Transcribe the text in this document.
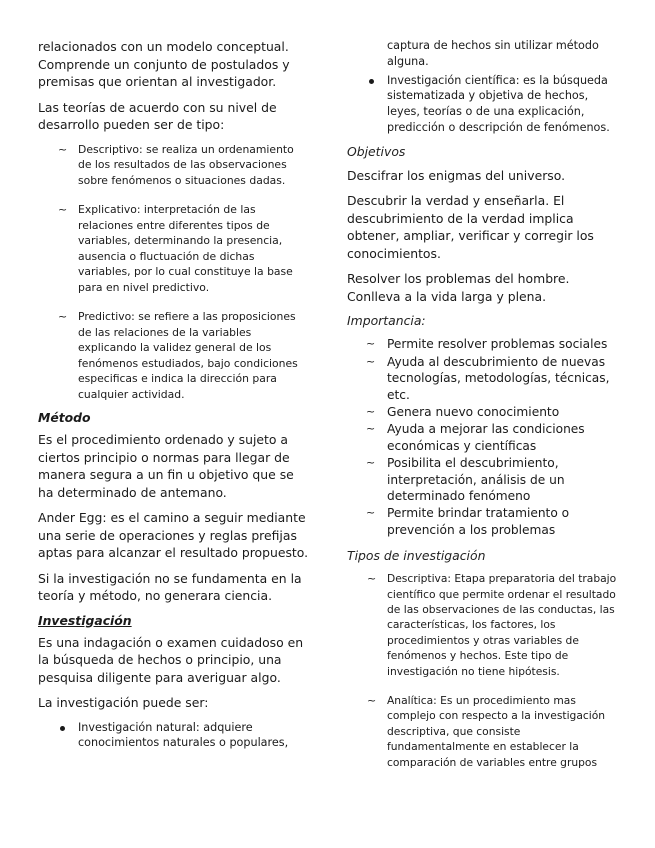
relacionados con un modelo conceptual. Comprende un conjunto de postulados y premisas que orientan al investigador.

Las teorías de acuerdo con su nivel de desarrollo pueden ser de tipo:

~ Descriptivo: se realiza un ordenamiento de los resultados de las observaciones sobre fenómenos o situaciones dadas.
~ Explicativo: interpretación de las relaciones entre diferentes tipos de variables, determinando la presencia, ausencia o fluctuación de dichas variables, por lo cual constituye la base para en nivel predictivo.
~ Predictivo: se refiere a las proposiciones de las relaciones de la variables explicando la validez general de los fenómenos estudiados, bajo condiciones especificas e indica la dirección para cualquier actividad.
Método

Es el procedimiento ordenado y sujeto a ciertos principio o normas para llegar de manera segura a un fin u objetivo que se ha determinado de antemano.

Ander Egg: es el camino a seguir mediante una serie de operaciones y reglas prefijas aptas para alcanzar el resultado propuesto.

Si la investigación no se fundamenta en la teoría y método, no generara ciencia.

Investigación

Es una indagación o examen cuidadoso en la búsqueda de hechos o principio, una pesquisa diligente para averiguar algo.

La investigación puede ser:

Investigación natural: adquiere conocimientos naturales o populares,
captura de hechos sin utilizar método alguna.
Investigación científica: es la búsqueda sistematizada y objetiva de hechos, leyes, teorías o de una explicación, predicción o descripción de fenómenos.
Objetivos

Descifrar los enigmas del universo.

Descubrir la verdad y enseñarla. El descubrimiento de la verdad implica obtener, ampliar, verificar y corregir los conocimientos.

Resolver los problemas del hombre. Conlleva a la vida larga y plena.

Importancia:
~ Permite resolver problemas sociales
~ Ayuda al descubrimiento de nuevas tecnologías, metodologías, técnicas, etc.
~ Genera nuevo conocimiento
~ Ayuda a mejorar las condiciones económicas y científicas
~ Posibilita el descubrimiento, interpretación, análisis de un determinado fenómeno
~ Permite brindar tratamiento o prevención a los problemas
Tipos de investigación
~ Descriptiva: Etapa preparatoria del trabajo científico que permite ordenar el resultado de las observaciones de las conductas, las características, los factores, los procedimientos y otras variables de fenómenos y hechos. Este tipo de investigación no tiene hipótesis.
~ Analítica: Es un procedimiento mas complejo con respecto a la investigación descriptiva, que consiste fundamentalmente en establecer la comparación de variables entre grupos
